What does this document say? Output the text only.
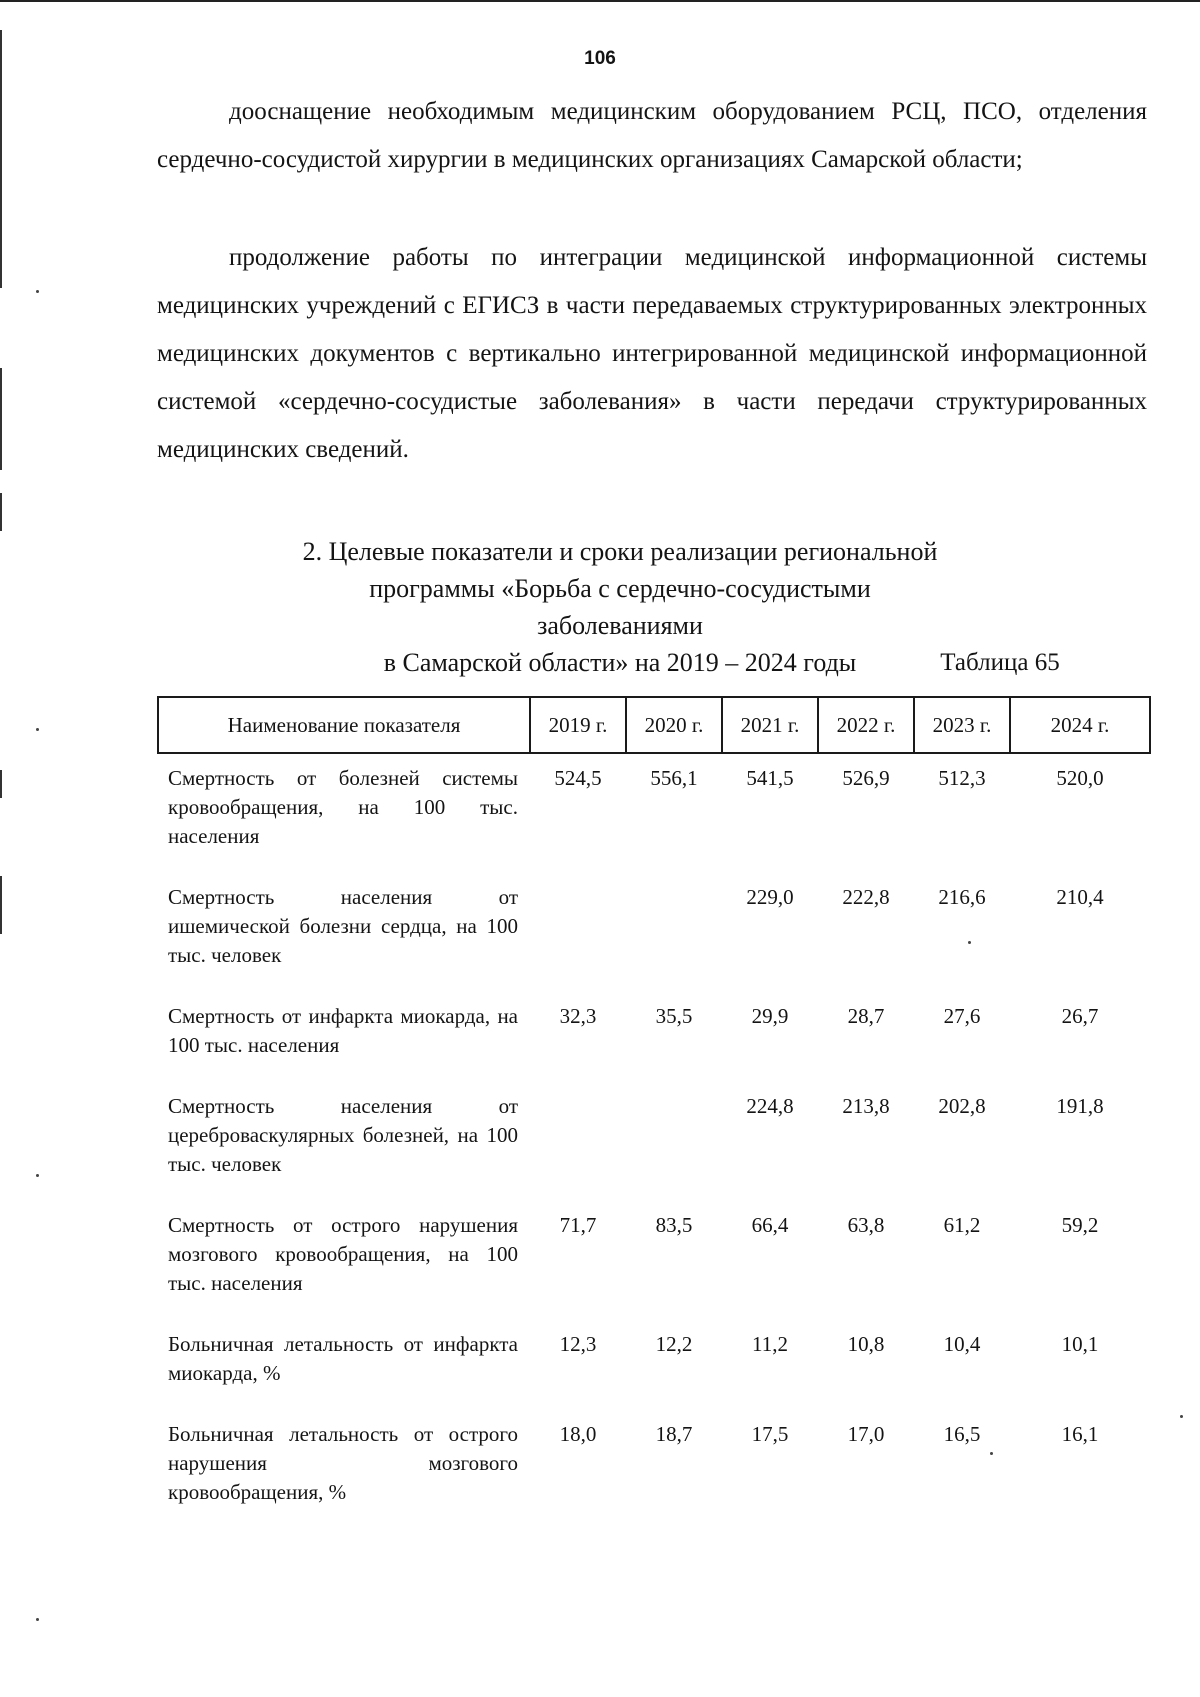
106

дооснащение необходимым медицинским оборудованием РСЦ, ПСО, отделения сердечно-сосудистой хирургии в медицинских организациях Самарской области;

продолжение работы по интеграции медицинской информационной системы медицинских учреждений с ЕГИСЗ в части передаваемых структурированных электронных медицинских документов с вертикально интегрированной медицинской информационной системой «сердечно-сосудистые заболевания» в части передачи структурированных медицинских сведений.

2. Целевые показатели и сроки реализации региональной
программы «Борьба с сердечно-сосудистыми заболеваниями
в Самарской области» на 2019 – 2024 годы	Таблица 65
Наименование показателя	2019 г.	2020 г.	2021 г.	2022 г.	2023 г.	2024 г.
Смертность от болезней системы кровообращения, на 100 тыс. населения	524,5	556,1	541,5	526,9	512,3	520,0
Смертность населения от ишемической болезни сердца, на 100 тыс. человек			229,0	222,8	216,6	210,4
Смертность от инфаркта миокарда, на 100 тыс. населения	32,3	35,5	29,9	28,7	27,6	26,7
Смертность населения от цереброваскулярных болезней, на 100 тыс. человек			224,8	213,8	202,8	191,8
Смертность от острого нарушения мозгового кровообращения, на 100 тыс. населения	71,7	83,5	66,4	63,8	61,2	59,2
Больничная летальность от инфаркта миокарда, %	12,3	12,2	11,2	10,8	10,4	10,1
Больничная летальность от острого нарушения мозгового кровообращения, %	18,0	18,7	17,5	17,0	16,5	16,1
